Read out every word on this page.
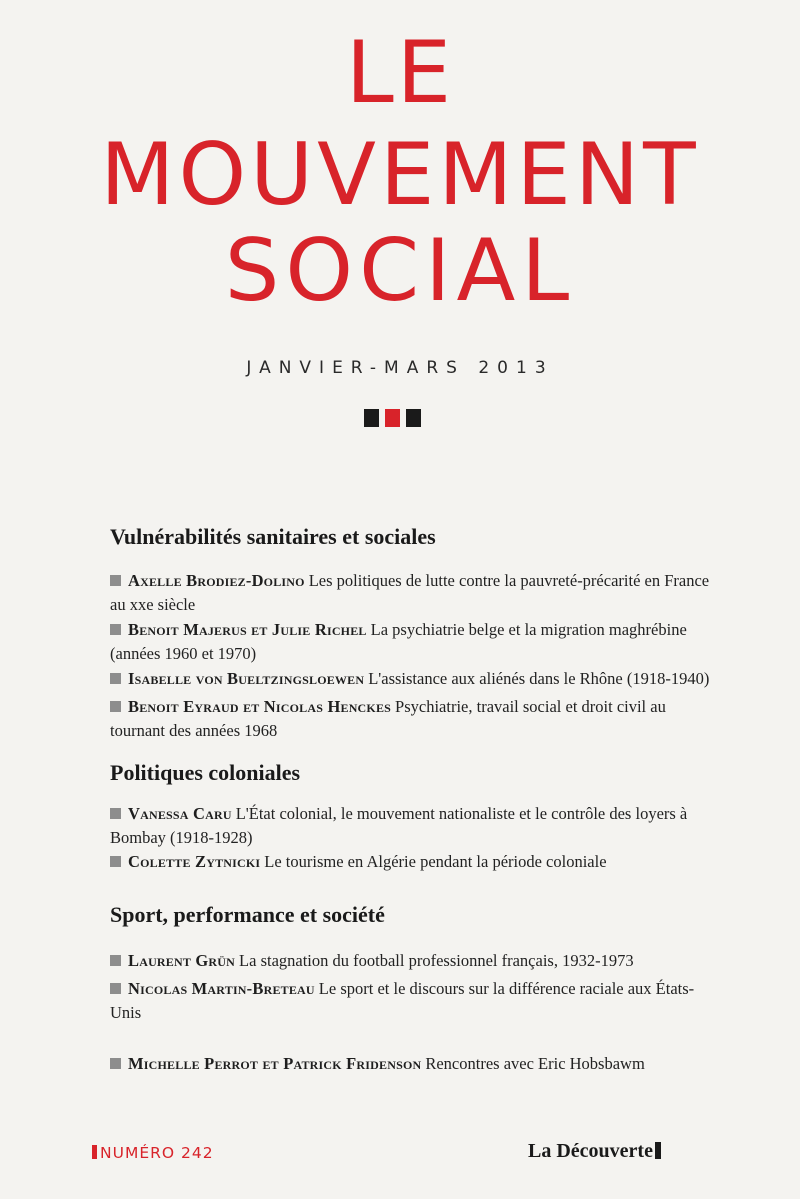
LE
MOUVEMENT
SOCIAL
JANVIER-MARS 2013
Vulnérabilités sanitaires et sociales
Axelle Brodiez-Dolino Les politiques de lutte contre la pauvreté-précarité en France au xxe siècle
Benoit Majerus et Julie Richel La psychiatrie belge et la migration maghrébine (années 1960 et 1970)
Isabelle von Bueltzingsloewen L'assistance aux aliénés dans le Rhône (1918-1940)
Benoit Eyraud et Nicolas Henckes Psychiatrie, travail social et droit civil au tournant des années 1968
Politiques coloniales
Vanessa Caru L'État colonial, le mouvement nationaliste et le contrôle des loyers à Bombay (1918-1928)
Colette Zytnicki Le tourisme en Algérie pendant la période coloniale
Sport, performance et société
Laurent Grün La stagnation du football professionnel français, 1932-1973
Nicolas Martin-Breteau Le sport et le discours sur la différence raciale aux États-Unis
Michelle Perrot et Patrick Fridenson Rencontres avec Eric Hobsbawm
NUMÉRO 242	La Découverte
